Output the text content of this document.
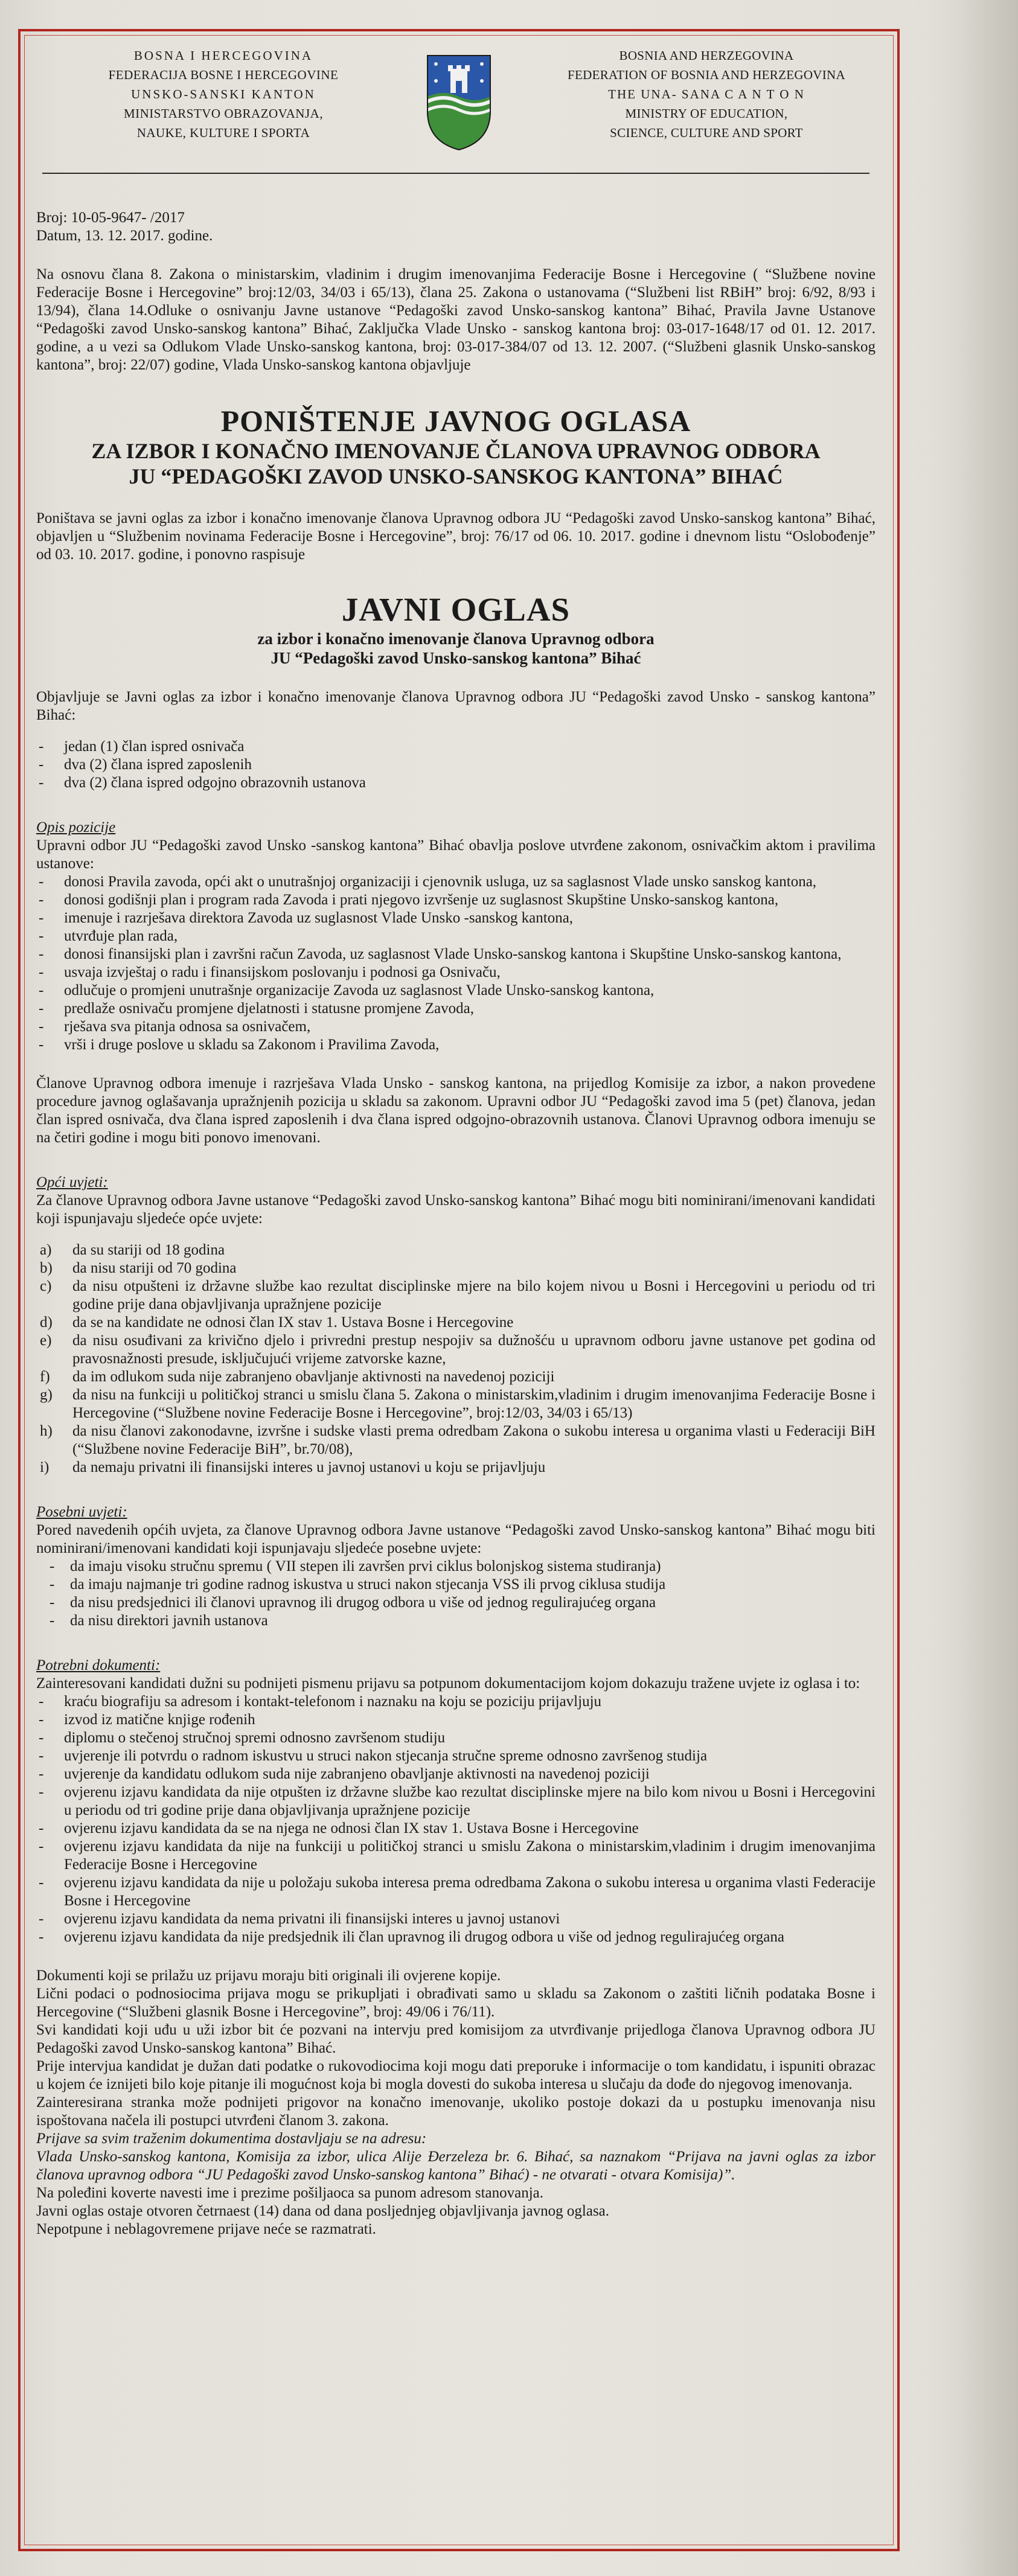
BOSNA I HERCEGOVINA
FEDERACIJA BOSNE I HERCEGOVINE
UNSKO-SANSKI KANTON
MINISTARSTVO OBRAZOVANJA,
NAUKE, KULTURE I SPORTA
BOSNIA AND HERZEGOVINA
FEDERATION OF BOSNIA AND HERZEGOVINA
THE UNA- SANA C A N T O N
MINISTRY OF EDUCATION,
SCIENCE, CULTURE AND SPORT

Broj: 10-05-9647- /2017

Datum, 13. 12. 2017. godine.

Na osnovu člana 8. Zakona o ministarskim, vladinim i drugim imenovanjima Federacije Bosne i Hercegovine ( “Službene novine Federacije Bosne i Hercegovine” broj:12/03, 34/03 i 65/13), člana 25. Zakona o ustanovama (“Službeni list RBiH” broj: 6/92, 8/93 i 13/94), člana 14.Odluke o osnivanju Javne ustanove “Pedagoški zavod Unsko-sanskog kantona” Bihać, Pravila Javne Ustanove “Pedagoški zavod Unsko-sanskog kantona” Bihać, Zaključka Vlade Unsko - sanskog kantona broj: 03-017-1648/17 od 01. 12. 2017. godine, a u vezi sa Odlukom Vlade Unsko-sanskog kantona, broj: 03-017-384/07 od 13. 12. 2007. (“Službeni glasnik Unsko-sanskog kantona”, broj: 22/07) godine, Vlada Unsko-sanskog kantona objavljuje

PONIŠTENJE JAVNOG OGLASA
ZA IZBOR I KONAČNO IMENOVANJE ČLANOVA UPRAVNOG ODBORA
JU “PEDAGOŠKI ZAVOD UNSKO-SANSKOG KANTONA” BIHAĆ

Poništava se javni oglas za izbor i konačno imenovanje članova Upravnog odbora JU “Pedagoški zavod Unsko-sanskog kantona” Bihać, objavljen u “Službenim novinama Federacije Bosne i Hercegovine”, broj: 76/17 od 06. 10. 2017. godine i dnevnom listu “Oslobođenje” od 03. 10. 2017. godine, i ponovno raspisuje

JAVNI OGLAS
za izbor i konačno imenovanje članova Upravnog odbora
JU “Pedagoški zavod Unsko-sanskog kantona” Bihać

Objavljuje se Javni oglas za izbor i konačno imenovanje članova Upravnog odbora JU “Pedagoški zavod Unsko - sanskog kantona” Bihać:

- jedan (1) član ispred osnivača
- dva (2) člana ispred zaposlenih
- dva (2) člana ispred odgojno obrazovnih ustanova

Opis pozicije

Upravni odbor JU “Pedagoški zavod Unsko -sanskog kantona” Bihać obavlja poslove utvrđene zakonom, osnivačkim aktom i pravilima ustanove:

- donosi Pravila zavoda, opći akt o unutrašnjoj organizaciji i cjenovnik usluga, uz sa saglasnost Vlade unsko sanskog kantona,
- donosi godišnji plan i program rada Zavoda i prati njegovo izvršenje uz suglasnost Skupštine Unsko-sanskog kantona,
- imenuje i razrješava direktora Zavoda uz suglasnost Vlade Unsko -sanskog kantona,
- utvrđuje plan rada,
- donosi finansijski plan i završni račun Zavoda, uz saglasnost Vlade Unsko-sanskog kantona i Skupštine Unsko-sanskog kantona,
- usvaja izvještaj o radu i finansijskom poslovanju i podnosi ga Osnivaču,
- odlučuje o promjeni unutrašnje organizacije Zavoda uz saglasnost Vlade Unsko-sanskog kantona,
- predlaže osnivaču promjene djelatnosti i statusne promjene Zavoda,
- rješava sva pitanja odnosa sa osnivačem,
- vrši i druge poslove u skladu sa Zakonom i Pravilima Zavoda,

Članove Upravnog odbora imenuje i razrješava Vlada Unsko - sanskog kantona, na prijedlog Komisije za izbor, a nakon provedene procedure javnog oglašavanja upražnjenih pozicija u skladu sa zakonom. Upravni odbor JU “Pedagoški zavod ima 5 (pet) članova, jedan član ispred osnivača, dva člana ispred zaposlenih i dva člana ispred odgojno-obrazovnih ustanova. Članovi Upravnog odbora imenuju se na četiri godine i mogu biti ponovo imenovani.

Opći uvjeti:

Za članove Upravnog odbora Javne ustanove “Pedagoški zavod Unsko-sanskog kantona” Bihać mogu biti nominirani/imenovani kandidati koji ispunjavaju sljedeće opće uvjete:

a) da su stariji od 18 godina
b) da nisu stariji od 70 godina
c) da nisu otpušteni iz državne službe kao rezultat disciplinske mjere na bilo kojem nivou u Bosni i Hercegovini u periodu od tri godine prije dana objavljivanja upražnjene pozicije
d) da se na kandidate ne odnosi član IX stav 1. Ustava Bosne i Hercegovine
e) da nisu osuđivani za krivično djelo i privredni prestup nespojiv sa dužnošću u upravnom odboru javne ustanove pet godina od pravosnažnosti presude, isključujući vrijeme zatvorske kazne,
f) da im odlukom suda nije zabranjeno obavljanje aktivnosti na navedenoj poziciji
g) da nisu na funkciji u političkoj stranci u smislu člana 5. Zakona o ministarskim,vladinim i drugim imenovanjima Federacije Bosne i Hercegovine (“Službene novine Federacije Bosne i Hercegovine”, broj:12/03, 34/03 i 65/13)
h) da nisu članovi zakonodavne, izvršne i sudske vlasti prema odredbam Zakona o sukobu interesa u organima vlasti u Federaciji BiH (“Službene novine Federacije BiH”, br.70/08),
i) da nemaju privatni ili finansijski interes u javnoj ustanovi u koju se prijavljuju

Posebni uvjeti:

Pored navedenih općih uvjeta, za članove Upravnog odbora Javne ustanove “Pedagoški zavod Unsko-sanskog kantona” Bihać mogu biti nominirani/imenovani kandidati koji ispunjavaju sljedeće posebne uvjete:

- da imaju visoku stručnu spremu ( VII stepen ili završen prvi ciklus bolonjskog sistema studiranja)
- da imaju najmanje tri godine radnog iskustva u struci nakon stjecanja VSS ili prvog ciklusa studija
- da nisu predsjednici ili članovi upravnog ili drugog odbora u više od jednog regulirajućeg organa
- da nisu direktori javnih ustanova

Potrebni dokumenti:

Zainteresovani kandidati dužni su podnijeti pismenu prijavu sa potpunom dokumentacijom kojom dokazuju tražene uvjete iz oglasa i to:

- kraću biografiju sa adresom i kontakt-telefonom i naznaku na koju se poziciju prijavljuju
- izvod iz matične knjige rođenih
- diplomu o stečenoj stručnoj spremi odnosno završenom studiju
- uvjerenje ili potvrdu o radnom iskustvu u struci nakon stjecanja stručne spreme odnosno završenog studija
- uvjerenje da kandidatu odlukom suda nije zabranjeno obavljanje aktivnosti na navedenoj poziciji
- ovjerenu izjavu kandidata da nije otpušten iz državne službe kao rezultat disciplinske mjere na bilo kom nivou u Bosni i Hercegovini u periodu od tri godine prije dana objavljivanja upražnjene pozicije
- ovjerenu izjavu kandidata da se na njega ne odnosi član IX stav 1. Ustava Bosne i Hercegovine
- ovjerenu izjavu kandidata da nije na funkciji u političkoj stranci u smislu Zakona o ministarskim,vladinim i drugim imenovanjima Federacije Bosne i Hercegovine
- ovjerenu izjavu kandidata da nije u položaju sukoba interesa prema odredbama Zakona o sukobu interesa u organima vlasti Federacije Bosne i Hercegovine
- ovjerenu izjavu kandidata da nema privatni ili finansijski interes u javnoj ustanovi
- ovjerenu izjavu kandidata da nije predsjednik ili član upravnog ili drugog odbora u više od jednog regulirajućeg organa

Dokumenti koji se prilažu uz prijavu moraju biti originali ili ovjerene kopije.

Lični podaci o podnosiocima prijava mogu se prikupljati i obrađivati samo u skladu sa Zakonom o zaštiti ličnih podataka Bosne i Hercegovine (“Službeni glasnik Bosne i Hercegovine”, broj: 49/06 i 76/11).

Svi kandidati koji uđu u uži izbor bit će pozvani na intervju pred komisijom za utvrđivanje prijedloga članova Upravnog odbora JU Pedagoški zavod Unsko-sanskog kantona” Bihać.

Prije intervjua kandidat je dužan dati podatke o rukovodiocima koji mogu dati preporuke i informacije o tom kandidatu, i ispuniti obrazac u kojem će iznijeti bilo koje pitanje ili mogućnost koja bi mogla dovesti do sukoba interesa u slučaju da dođe do njegovog imenovanja.

Zainteresirana stranka može podnijeti prigovor na konačno imenovanje, ukoliko postoje dokazi da u postupku imenovanja nisu ispoštovana načela ili postupci utvrđeni članom 3. zakona.

Prijave sa svim traženim dokumentima dostavljaju se na adresu:

Vlada Unsko-sanskog kantona, Komisija za izbor, ulica Alije Đerzeleza br. 6. Bihać, sa naznakom “Prijava na javni oglas za izbor članova upravnog odbora “JU Pedagoški zavod Unsko-sanskog kantona” Bihać) - ne otvarati - otvara Komisija)”.

Na poleđini koverte navesti ime i prezime pošiljaoca sa punom adresom stanovanja.

Javni oglas ostaje otvoren četrnaest (14) dana od dana posljednjeg objavljivanja javnog oglasa.

Nepotpune i neblagovremene prijave neće se razmatrati.
